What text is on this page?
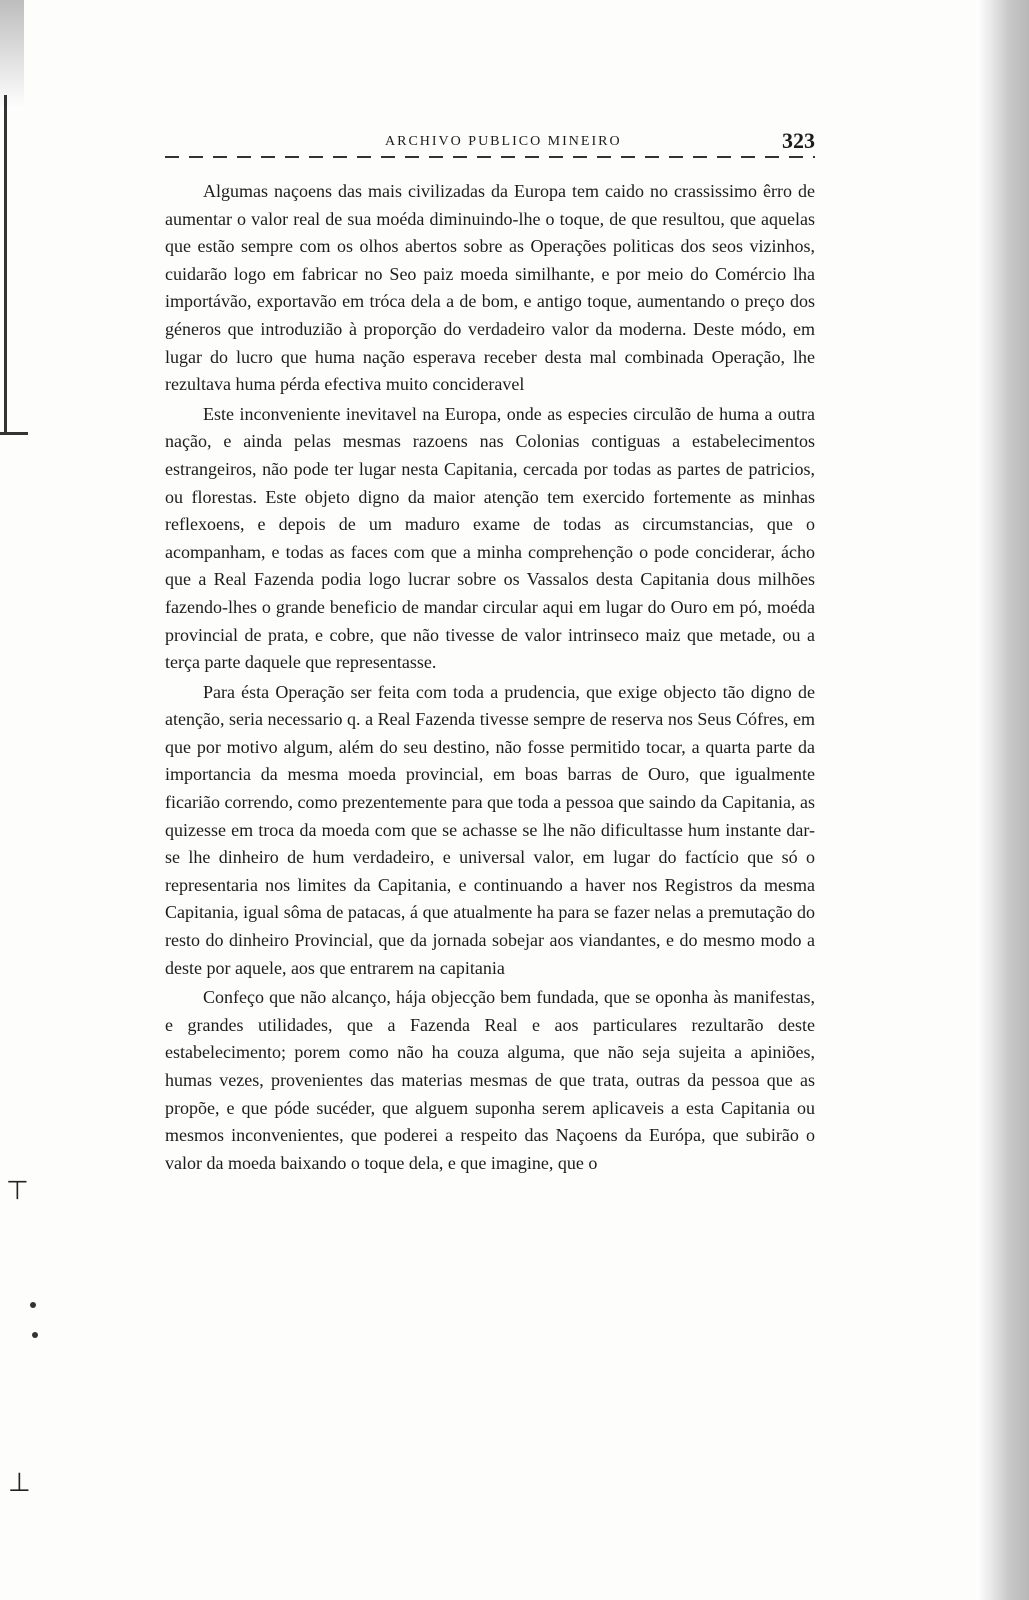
ARCHIVO PUBLICO MINEIRO	323

Algumas naçoens das mais civilizadas da Europa tem caido no crassissimo êrro de aumentar o valor real de sua moéda diminuindo-lhe o toque, de que resultou, que aquelas que estão sempre com os olhos abertos sobre as Operações politicas dos seos vizinhos, cuidarão logo em fabricar no Seo paiz moeda similhante, e por meio do Comércio lha importávão, exportavão em tróca dela a de bom, e antigo toque, aumentando o preço dos géneros que introduzião à proporção do verdadeiro valor da moderna. Deste módo, em lugar do lucro que huma nação esperava receber desta mal combinada Operação, lhe rezultava huma pérda efectiva muito concideravel

Este inconveniente inevitavel na Europa, onde as especies circulão de huma a outra nação, e ainda pelas mesmas razoens nas Colonias contiguas a estabelecimentos estrangeiros, não pode ter lugar nesta Capitania, cercada por todas as partes de patricios, ou florestas. Este objeto digno da maior atenção tem exercido fortemente as minhas reflexoens, e depois de um maduro exame de todas as circumstancias, que o acompanham, e todas as faces com que a minha comprehenção o pode conciderar, ácho que a Real Fazenda podia logo lucrar sobre os Vassalos desta Capitania dous milhões fazendo-lhes o grande beneficio de mandar circular aqui em lugar do Ouro em pó, moéda provincial de prata, e cobre, que não tivesse de valor intrinseco maiz que metade, ou a terça parte daquele que representasse.

Para ésta Operação ser feita com toda a prudencia, que exige objecto tão digno de atenção, seria necessario q. a Real Fazenda tivesse sempre de reserva nos Seus Cófres, em que por motivo algum, além do seu destino, não fosse permitido tocar, a quarta parte da importancia da mesma moeda provincial, em boas barras de Ouro, que igualmente ficarião correndo, como prezentemente para que toda a pessoa que saindo da Capitania, as quizesse em troca da moeda com que se achasse se lhe não dificultasse hum instante dar-se lhe dinheiro de hum verdadeiro, e universal valor, em lugar do factício que só o representaria nos limites da Capitania, e continuando a haver nos Registros da mesma Capitania, igual sôma de patacas, á que atualmente ha para se fazer nelas a premutação do resto do dinheiro Provincial, que da jornada sobejar aos viandantes, e do mesmo modo a deste por aquele, aos que entrarem na capitania

Confeço que não alcanço, hája objecção bem fundada, que se oponha às manifestas, e grandes utilidades, que a Fazenda Real e aos particulares rezultarão deste estabelecimento; porem como não ha couza alguma, que não seja sujeita a apiniões, humas vezes, provenientes das materias mesmas de que trata, outras da pessoa que as propõe, e que póde sucéder, que alguem suponha serem aplicaveis a esta Capitania ou mesmos inconvenientes, que poderei a respeito das Naçoens da Európa, que subirão o valor da moeda baixando o toque dela, e que imagine, que o

⊤
⊥
